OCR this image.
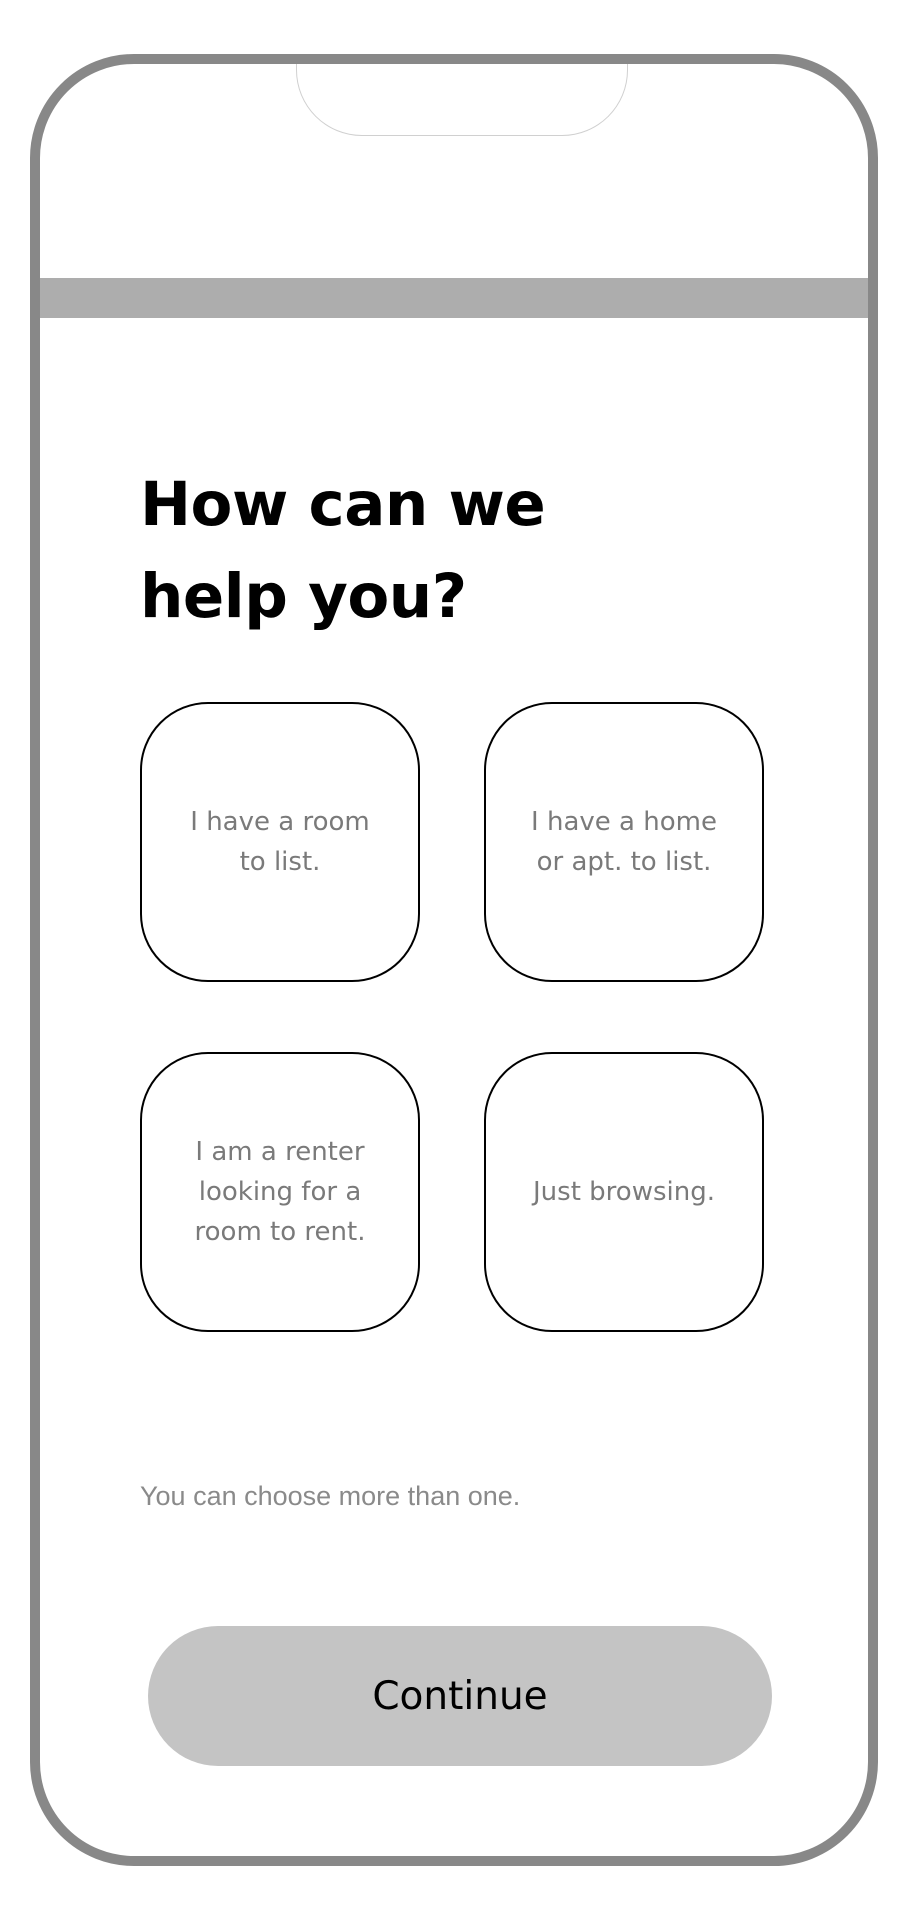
How can we
help you?
I have a room
to list.
I have a home
or apt. to list.
I am a renter
looking for a
room to rent.
Just browsing.
You can choose more than one.
Continue
